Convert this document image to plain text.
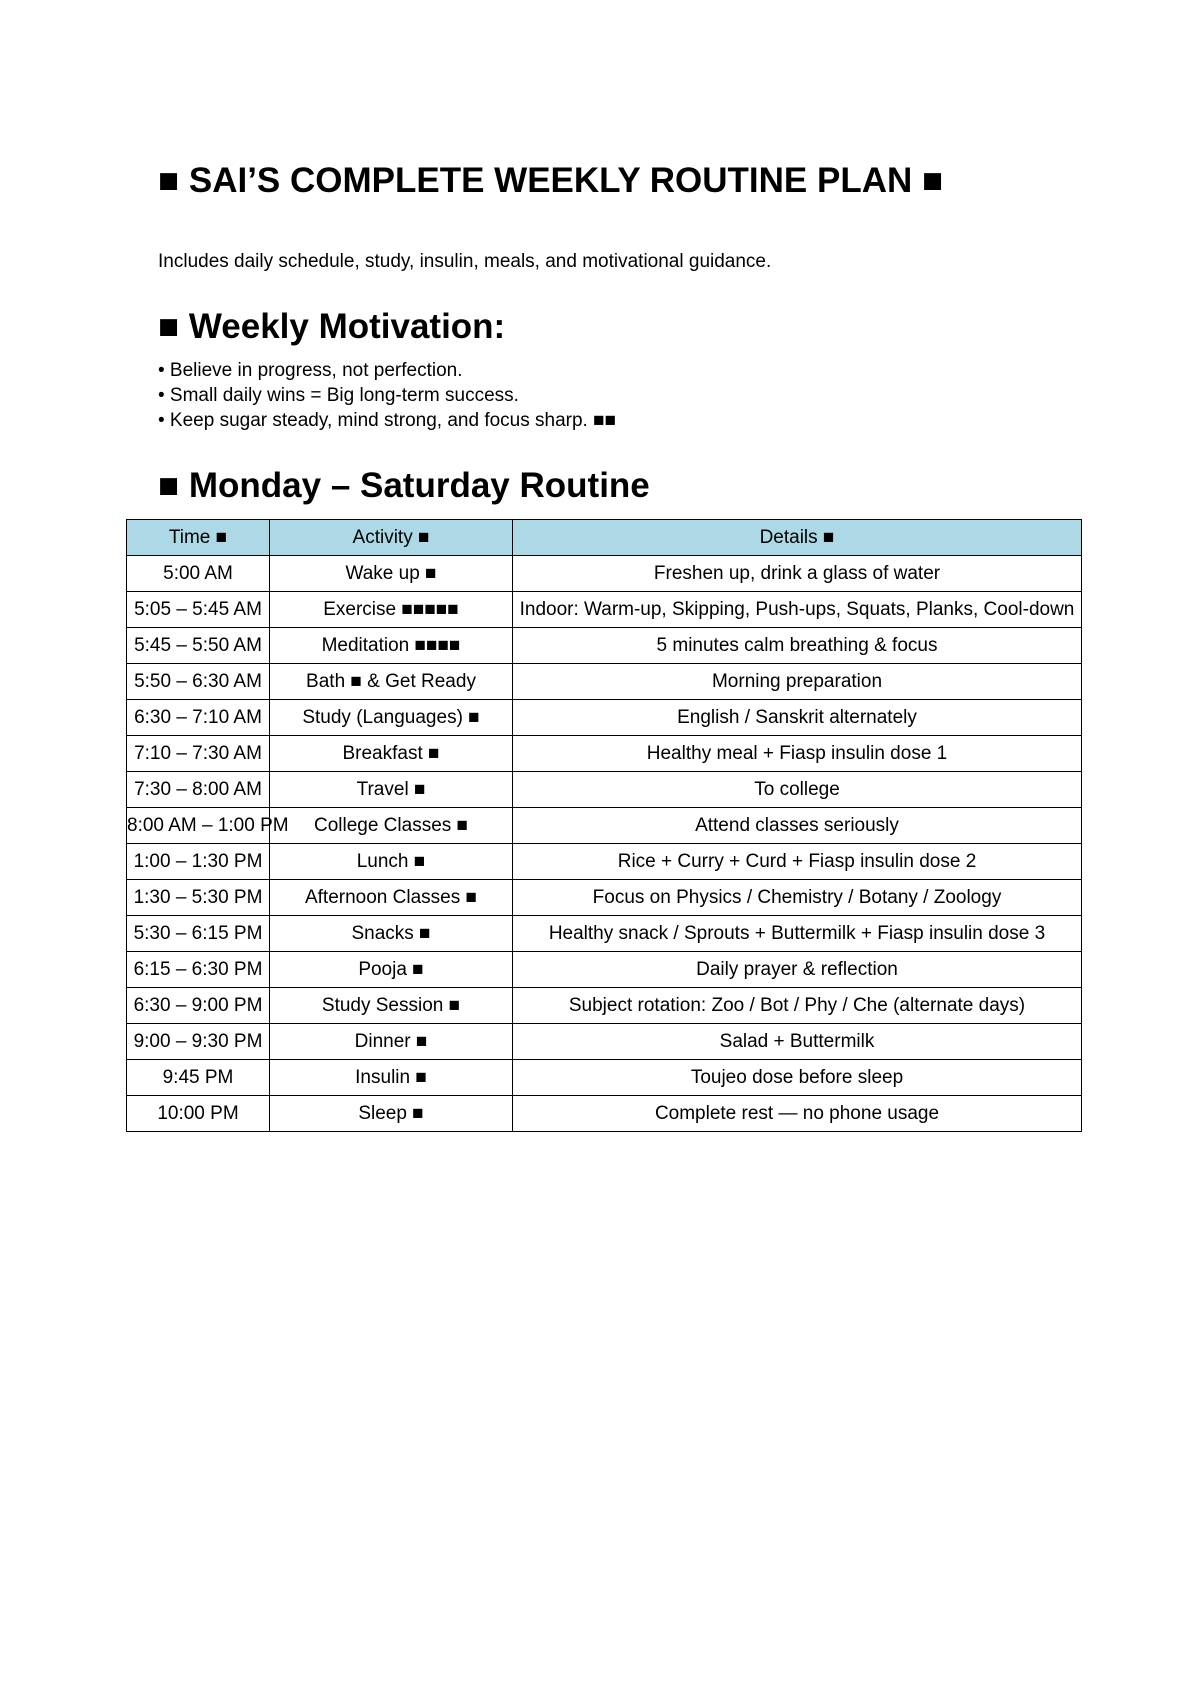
■ SAI’S COMPLETE WEEKLY ROUTINE PLAN ■

Includes daily schedule, study, insulin, meals, and motivational guidance.

■ Weekly Motivation:
• Believe in progress, not perfection.
• Small daily wins = Big long-term success.
• Keep sugar steady, mind strong, and focus sharp. ■■
■ Monday – Saturday Routine
Time ■	Activity ■	Details ■
5:00 AM	Wake up ■	Freshen up, drink a glass of water
5:05 – 5:45 AM	Exercise ■■■■■	Indoor: Warm-up, Skipping, Push-ups, Squats, Planks, Cool-down
5:45 – 5:50 AM	Meditation ■■■■	5 minutes calm breathing & focus
5:50 – 6:30 AM	Bath ■ & Get Ready	Morning preparation
6:30 – 7:10 AM	Study (Languages) ■	English / Sanskrit alternately
7:10 – 7:30 AM	Breakfast ■	Healthy meal + Fiasp insulin dose 1
7:30 – 8:00 AM	Travel ■	To college
8:00 AM – 1:00 PM	College Classes ■	Attend classes seriously
1:00 – 1:30 PM	Lunch ■	Rice + Curry + Curd + Fiasp insulin dose 2
1:30 – 5:30 PM	Afternoon Classes ■	Focus on Physics / Chemistry / Botany / Zoology
5:30 – 6:15 PM	Snacks ■	Healthy snack / Sprouts + Buttermilk + Fiasp insulin dose 3
6:15 – 6:30 PM	Pooja ■	Daily prayer & reflection
6:30 – 9:00 PM	Study Session ■	Subject rotation: Zoo / Bot / Phy / Che (alternate days)
9:00 – 9:30 PM	Dinner ■	Salad + Buttermilk
9:45 PM	Insulin ■	Toujeo dose before sleep
10:00 PM	Sleep ■	Complete rest — no phone usage
